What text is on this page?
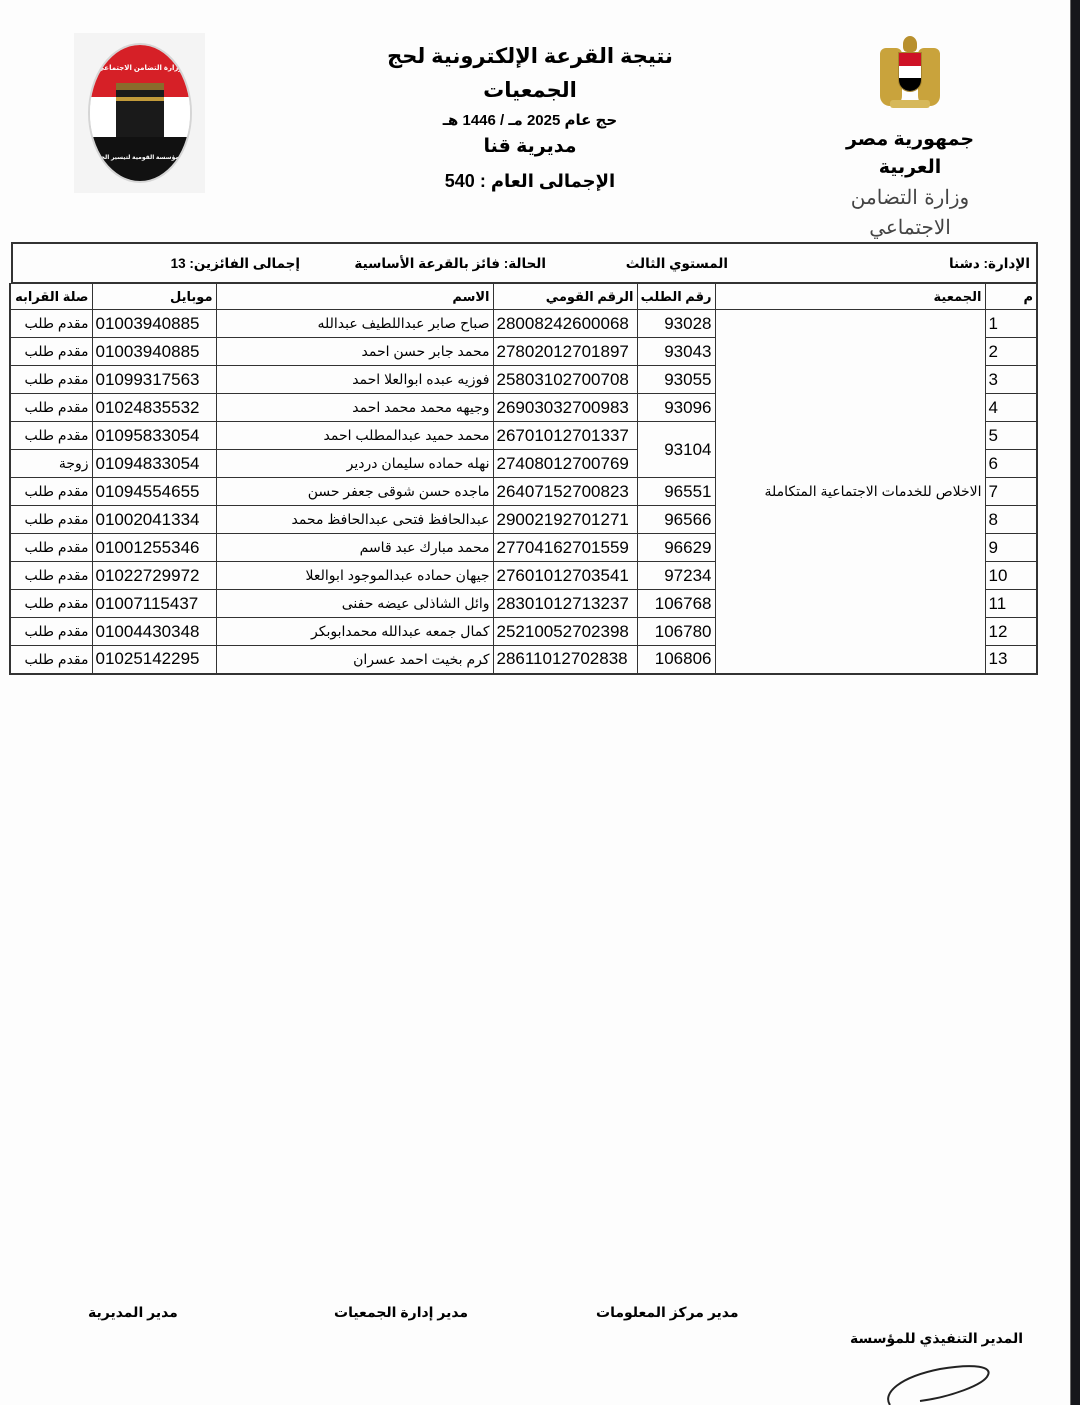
وزارة التضامن الاجتماعي
المؤسسة القومية لتيسير الحج
نتيجة القرعة الإلكترونية لحج الجمعيات
حج عام 2025 مـ / 1446 هـ
مديرية قنا
الإجمالى العام : 540
جمهورية مصر العربية
وزارة التضامن الاجتماعي
الإدارة: دشنا
المستوي الثالث
الحالة: فائز بالقرعة الأساسية
إجمالى الفائزين: 13
م	الجمعية	رقم الطلب	الرقم القومي	الاسم	موبايل	صلة القرابه
1	الاخلاص للخدمات الاجتماعية المتكاملة	93028	28008242600068	صباح صابر عبداللطيف عبدالله	01003940885	مقدم طلب
2		93043	27802012701897	محمد جابر حسن احمد	01003940885	مقدم طلب
3		93055	25803102700708	فوزيه عبده ابوالعلا احمد	01099317563	مقدم طلب
4		93096	26903032700983	وجيهه محمد محمد احمد	01024835532	مقدم طلب
5		93104	26701012701337	محمد حميد عبدالمطلب احمد	01095833054	مقدم طلب
6			27408012700769	نهله حماده سليمان دردير	01094833054	زوجة
7		96551	26407152700823	ماجده حسن شوقى جعفر حسن	01094554655	مقدم طلب
8		96566	29002192701271	عبدالحافظ فتحى عبدالحافظ محمد	01002041334	مقدم طلب
9		96629	27704162701559	محمد مبارك عبد قاسم	01001255346	مقدم طلب
10		97234	27601012703541	جيهان حماده عبدالموجود ابوالعلا	01022729972	مقدم طلب
11		106768	28301012713237	وائل الشاذلى عيضه حفنى	01007115437	مقدم طلب
12		106780	25210052702398	كمال جمعه عبدالله محمدابوبكر	01004430348	مقدم طلب
13		106806	28611012702838	كرم بخيت احمد عسران	01025142295	مقدم طلب
مدير المديرية	مدير إدارة الجمعيات	مدير مركز المعلومات
المدير التنفيذي للمؤسسة
